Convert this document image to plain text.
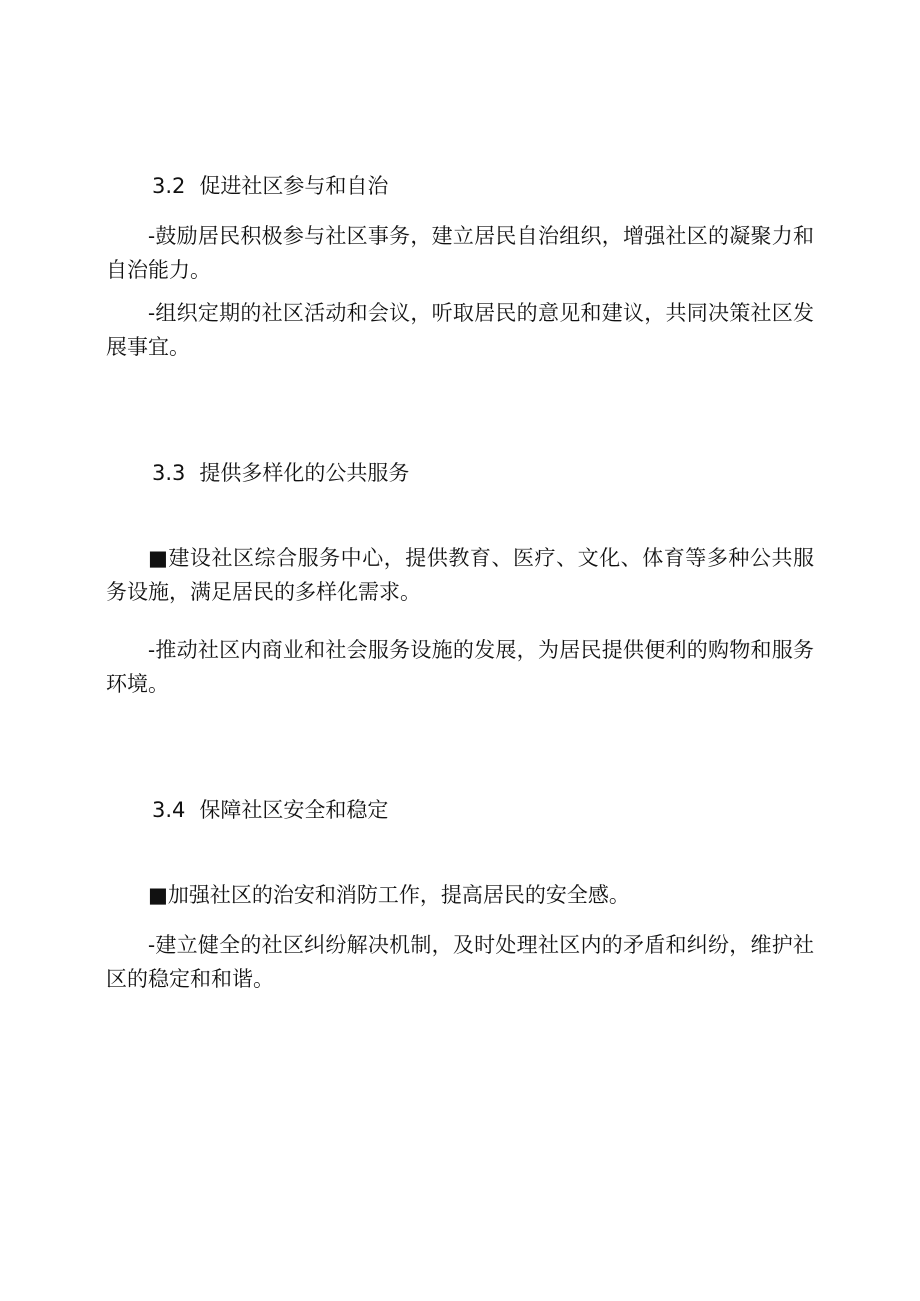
3.2 促进社区参与和自治

-鼓励居民积极参与社区事务，建立居民自治组织，增强社区的凝聚力和自治能力。

-组织定期的社区活动和会议，听取居民的意见和建议，共同决策社区发展事宜。

3.3 提供多样化的公共服务

■建设社区综合服务中心，提供教育、医疗、文化、体育等多种公共服务设施，满足居民的多样化需求。

-推动社区内商业和社会服务设施的发展，为居民提供便利的购物和服务环境。

3.4 保障社区安全和稳定

■加强社区的治安和消防工作，提高居民的安全感。

-建立健全的社区纠纷解决机制，及时处理社区内的矛盾和纠纷，维护社区的稳定和和谐。
